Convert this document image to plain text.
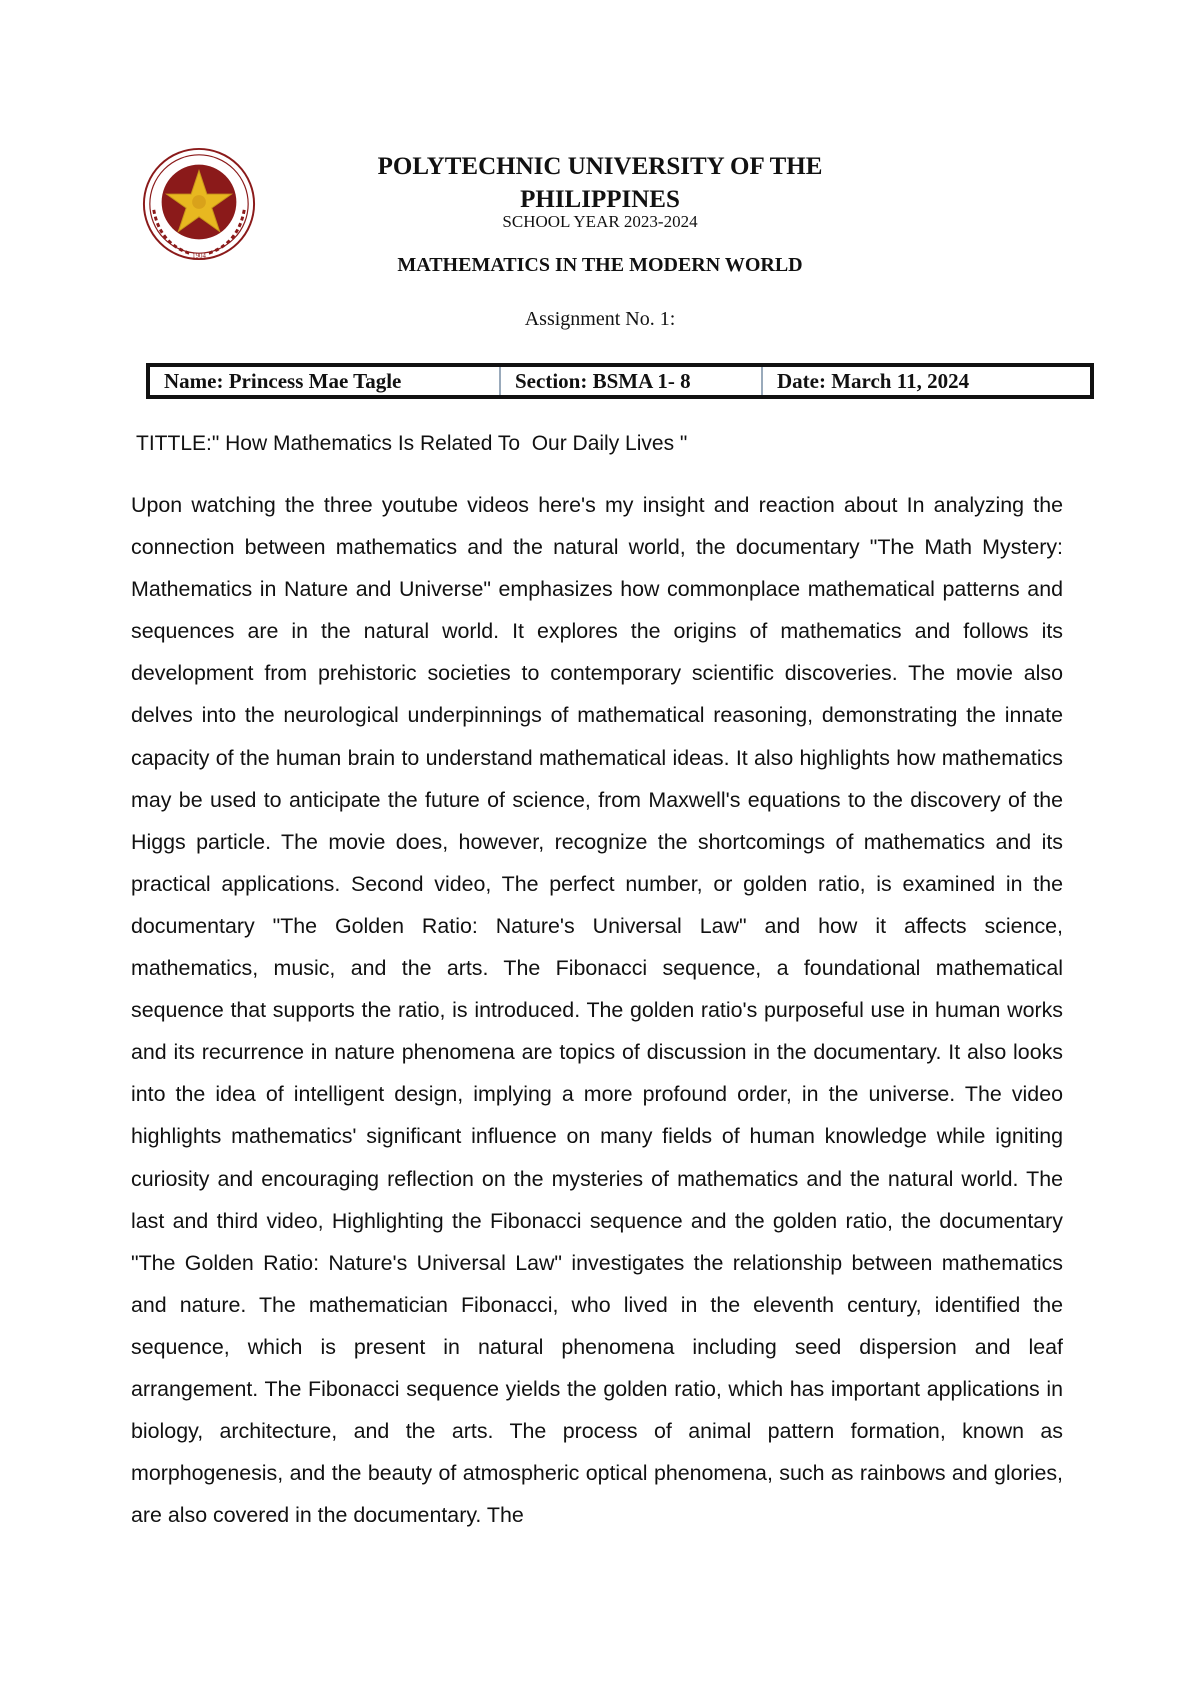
1904
POLYTECHNIC UNIVERSITY OF THE PHILIPPINES
SCHOOL YEAR 2023-2024
MATHEMATICS IN THE MODERN WORLD
Assignment No. 1:
Name: Princess Mae Tagle	Section: BSMA 1- 8	Date: March 11, 2024
TITTLE:" How Mathematics Is Related To  Our Daily Lives "
Upon watching the three youtube videos here's my insight and reaction about In analyzing the connection between mathematics and the natural world, the documentary "The Math Mystery: Mathematics in Nature and Universe" emphasizes how commonplace mathematical patterns and sequences are in the natural world. It explores the origins of mathematics and follows its development from prehistoric societies to contemporary scientific discoveries. The movie also delves into the neurological underpinnings of mathematical reasoning, demonstrating the innate capacity of the human brain to understand mathematical ideas. It also highlights how mathematics may be used to anticipate the future of science, from Maxwell's equations to the discovery of the Higgs particle. The movie does, however, recognize the shortcomings of mathematics and its practical applications. Second video, The perfect number, or golden ratio, is examined in the documentary "The Golden Ratio: Nature's Universal Law" and how it affects science, mathematics, music, and the arts. The Fibonacci sequence, a foundational mathematical sequence that supports the ratio, is introduced. The golden ratio's purposeful use in human works and its recurrence in nature phenomena are topics of discussion in the documentary. It also looks into the idea of intelligent design, implying a more profound order, in the universe. The video highlights mathematics' significant influence on many fields of human knowledge while igniting curiosity and encouraging reflection on the mysteries of mathematics and the natural world. The last and third video, Highlighting the Fibonacci sequence and the golden ratio, the documentary "The Golden Ratio: Nature's Universal Law" investigates the relationship between mathematics and nature. The mathematician Fibonacci, who lived in the eleventh century, identified the sequence, which is present in natural phenomena including seed dispersion and leaf arrangement. The Fibonacci sequence yields the golden ratio, which has important applications in biology, architecture, and the arts. The process of animal pattern formation, known as morphogenesis, and the beauty of atmospheric optical phenomena, such as rainbows and glories, are also covered in the documentary. The
